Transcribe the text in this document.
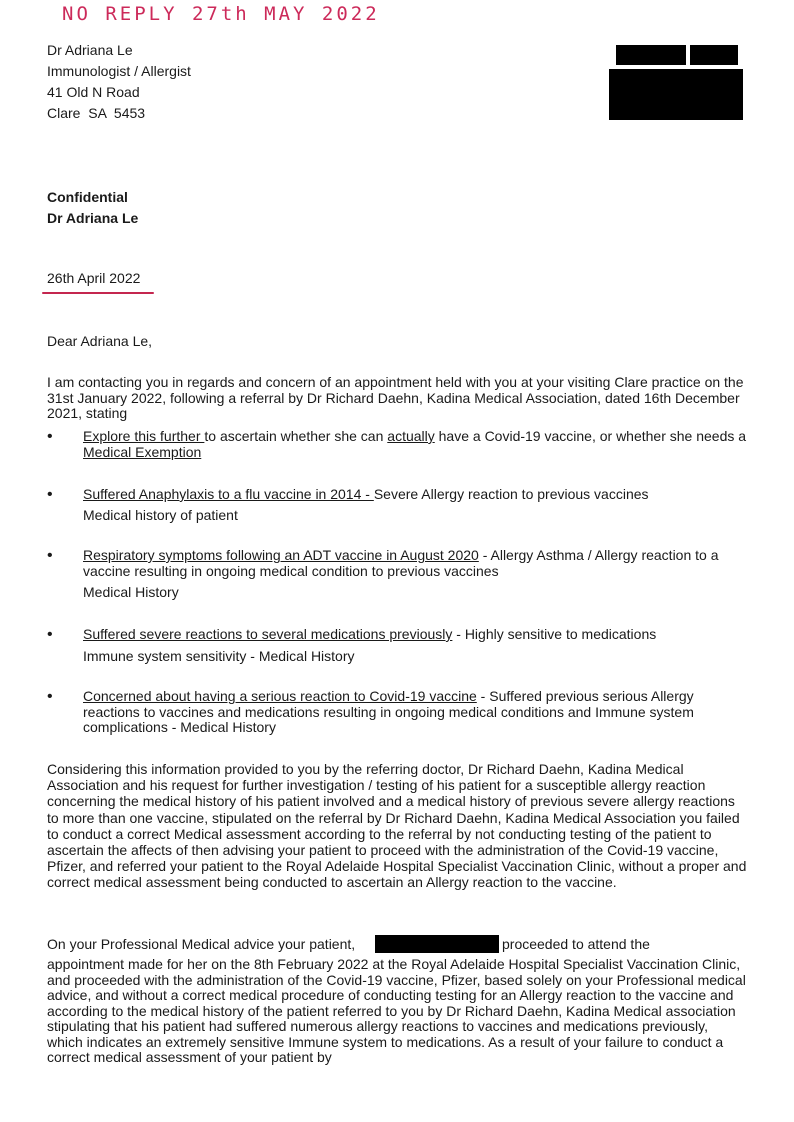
NO REPLY 27th MAY 2022
Dr Adriana Le
Immunologist / Allergist
41 Old N Road
Clare  SA  5453
Confidential
Dr Adriana Le
26th April 2022
Dear Adriana Le,
I am contacting you in regards and concern of an appointment held with you at your visiting Clare practice on the 31st January 2022, following a referral by Dr Richard Daehn, Kadina Medical Association, dated 16th December 2021, stating
• Explore this further to ascertain whether she can actually have a Covid-19 vaccine, or whether she needs a Medical Exemption
• Suffered Anaphylaxis to a flu vaccine in 2014 - Severe Allergy reaction to previous vaccines
Medical history of patient
• Respiratory symptoms following an ADT vaccine in August 2020 - Allergy Asthma / Allergy reaction to a vaccine resulting in ongoing medical condition to previous vaccines
Medical History
• Suffered severe reactions to several medications previously - Highly sensitive to medications
Immune system sensitivity - Medical History
• Concerned about having a serious reaction to Covid-19 vaccine - Suffered previous serious Allergy reactions to vaccines and medications resulting in ongoing medical conditions and Immune system complications - Medical History
Considering this information provided to you by the referring doctor, Dr Richard Daehn, Kadina Medical Association and his request for further investigation / testing of his patient for a susceptible allergy reaction concerning the medical history of his patient involved and a medical history of previous severe allergy reactions to more than one vaccine, stipulated on the referral by Dr Richard Daehn, Kadina Medical Association you failed to conduct a correct Medical assessment according to the referral by not conducting testing of the patient to ascertain the affects of then advising your patient to proceed with the administration of the Covid-19 vaccine, Pfizer, and referred your patient to the Royal Adelaide Hospital Specialist Vaccination Clinic, without a proper and correct medical assessment being conducted to ascertain an Allergy reaction to the vaccine.
On your Professional Medical advice your patient,	proceeded to attend the
appointment made for her on the 8th February 2022 at the Royal Adelaide Hospital Specialist Vaccination Clinic, and proceeded with the administration of the Covid-19 vaccine, Pfizer, based solely on your Professional medical advice, and without a correct medical procedure of conducting testing for an Allergy reaction to the vaccine and according to the medical history of the patient referred to you by Dr Richard Daehn, Kadina Medical association stipulating that his patient had suffered numerous allergy reactions to vaccines and medications previously, which indicates an extremely sensitive Immune system to medications. As a result of your failure to conduct a correct medical assessment of your patient by
